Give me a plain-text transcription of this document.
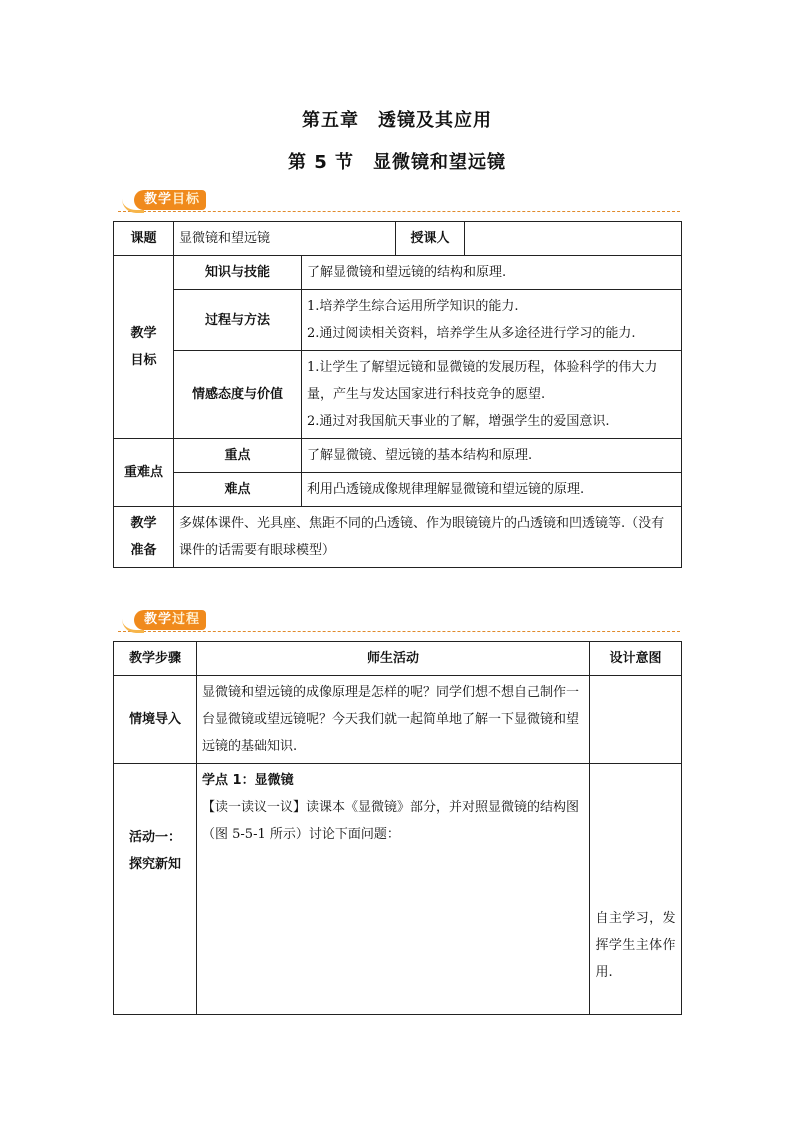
第五章　透镜及其应用
第 5 节　显微镜和望远镜
教学目标
课题	显微镜和望远镜		授课人	

教学
目标	知识与技能	了解显微镜和望远镜的结构和原理.		
	过程与方法	1.培养学生综合运用所学知识的能力.
2.通过阅读相关资料，培养学生从多途径进行学习的能力.		

	情感态度与价值	1.让学生了解望远镜和显微镜的发展历程，体验科学的伟大力量，产生与发达国家进行科技竞争的愿望.
2.通过对我国航天事业的了解，增强学生的爱国意识.		

重难点	重点	了解显微镜、望远镜的基本结构和原理.		
	难点	利用凸透镜成像规律理解显微镜和望远镜的原理.		

教学
准备	多媒体课件、光具座、焦距不同的凸透镜、作为眼镜镜片的凸透镜和凹透镜等.（没有课件的话需要有眼球模型）			
教学过程
教学步骤	师生活动	设计意图
情境导入	显微镜和望远镜的成像原理是怎样的呢？同学们想不想自己制作一台显微镜或望远镜呢？今天我们就一起简单地了解一下显微镜和望远镜的基础知识.	

活动一：
探究新知	学点 1：显微镜
【读一读议一议】读课本《显微镜》部分，并对照显微镜的结构图（图 5-5-1 所示）讨论下面问题：	自主学习，发挥学生主体作用.
